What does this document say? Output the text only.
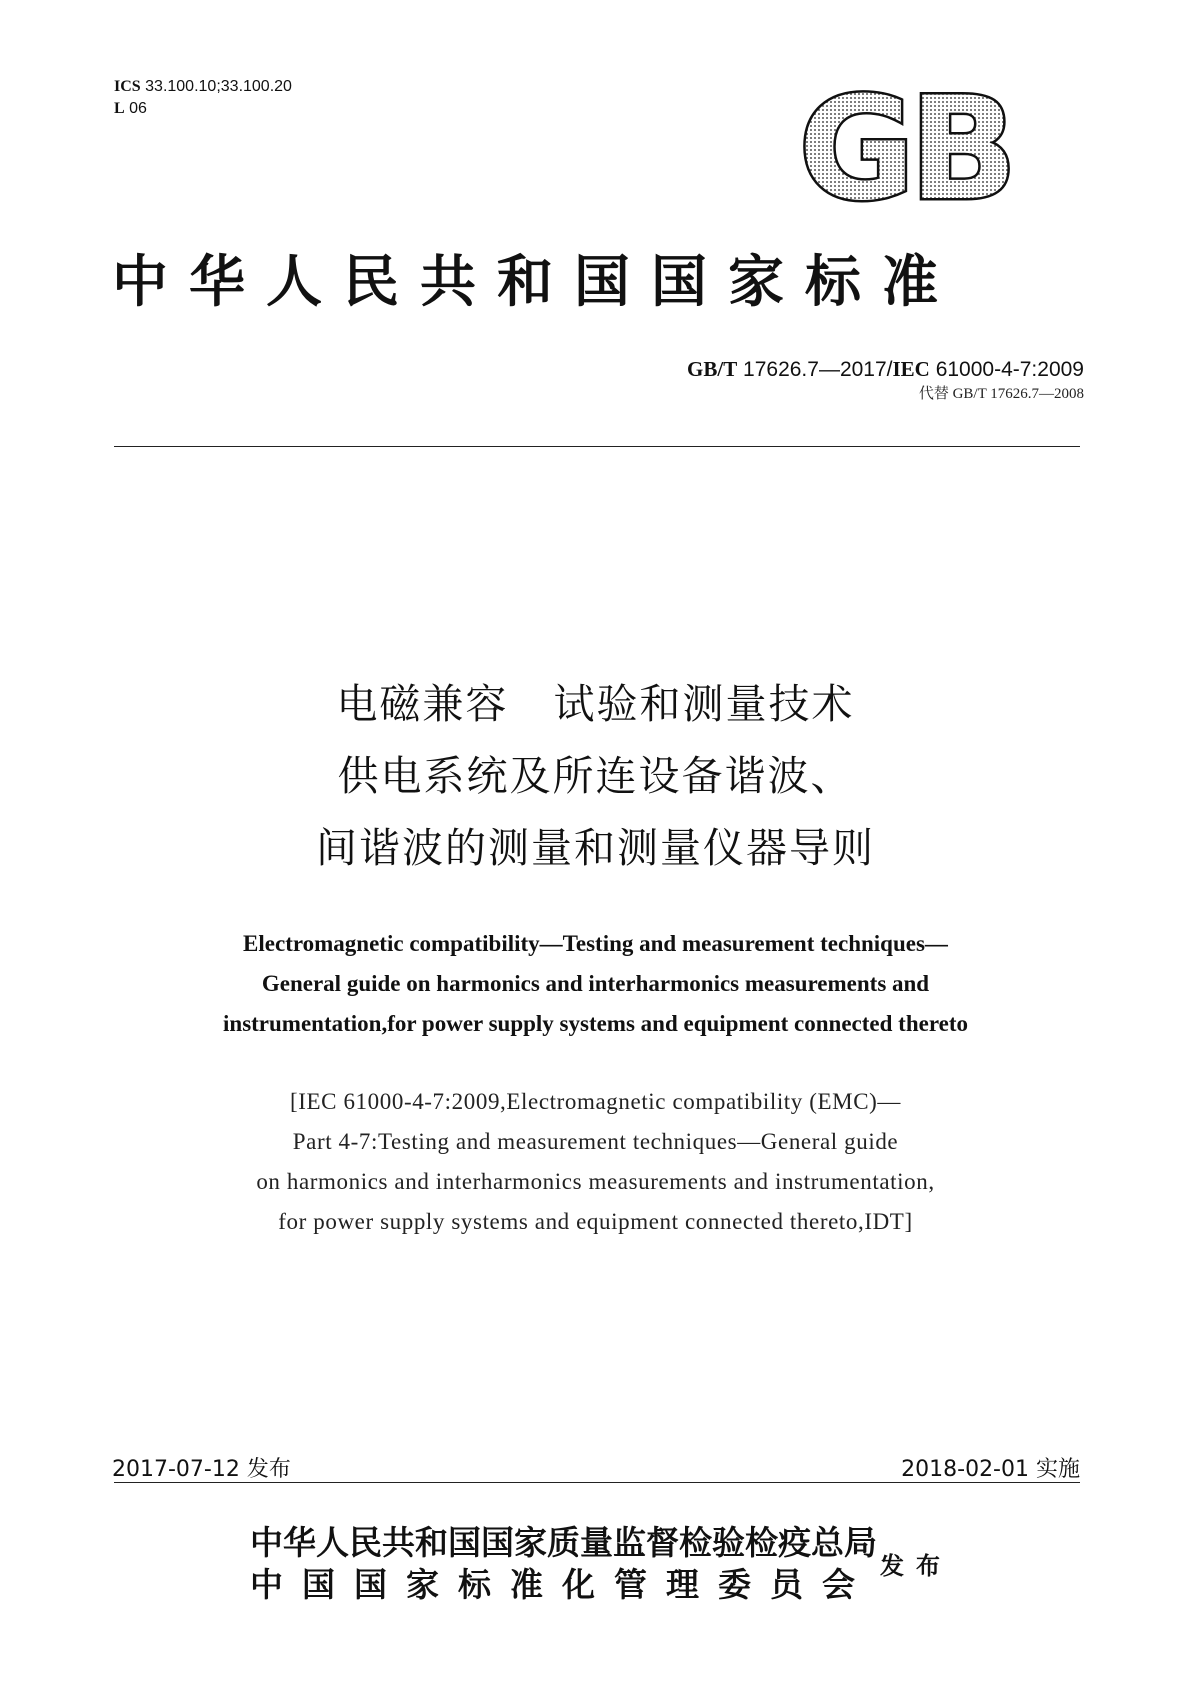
ICS 33.100.10;33.100.20
L 06	GB
中华人民共和国国家标准
GB/T 17626.7—2017/IEC 61000-4-7:2009
代替 GB/T 17626.7—2008
电磁兼容   试验和测量技术
供电系统及所连设备谐波、
间谐波的测量和测量仪器导则
Electromagnetic compatibility—Testing and measurement techniques—
General guide on harmonics and interharmonics measurements and
instrumentation,for power supply systems and equipment connected thereto
[IEC 61000-4-7:2009,Electromagnetic compatibility (EMC)—
Part 4-7:Testing and measurement techniques—General guide
on harmonics and interharmonics measurements and instrumentation,
for power supply systems and equipment connected thereto,IDT]
2017-07-12 发布	2018-02-01 实施
中华人民共和国国家质量监督检验检疫总局
中国国家标准化管理委员会 发布
